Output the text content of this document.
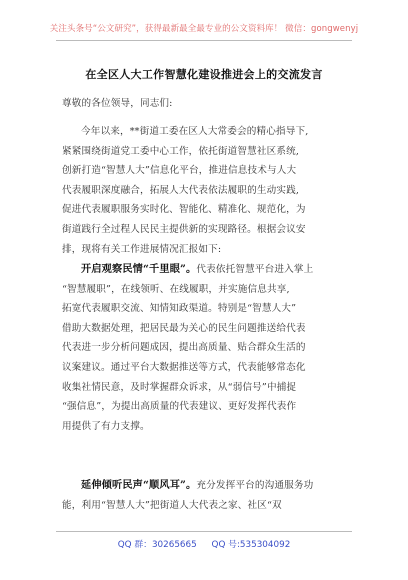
关注头条号“公文研究”，获得最新最全最专业的公文资料库！ 微信：gongwenyj
在全区人大工作智慧化建设推进会上的交流发言
尊敬的各位领导，同志们:
今年以来，**街道工委在区人大常委会的精心指导下,
紧紧围绕街道党工委中心工作，依托街道智慧社区系统,
创新打造“智慧人大”信息化平台，推进信息技术与人大
代表履职深度融合，拓展人大代表依法履职的生动实践,
促进代表履职服务实时化、智能化、精准化、规范化，为
街道践行全过程人民民主提供新的实现路径。根据会议安
排，现将有关工作进展情况汇报如下:
开启观察民情“千里眼”。代表依托智慧平台进入掌上
“智慧履职”，在线领听、在线履职，并实施信息共享,
拓宽代表履职交流、知情知政渠道。特别是“智慧人大”
借助大数据处理，把居民最为关心的民生问题推送给代表
代表进一步分析问题成因，提出高质量、贴合群众生活的
议案建议。通过平台大数据推送等方式，代表能够常态化
收集社情民意，及时掌握群众诉求，从“弱信号”中捕捉
“强信息”，为提出高质量的代表建议、更好发挥代表作
用提供了有力支撑。
延伸倾听民声“顺风耳”。充分发挥平台的沟通服务功
能，利用“智慧人大”把街道人大代表之家、社区“双
QQ 群：30265665 QQ 号:535304092
